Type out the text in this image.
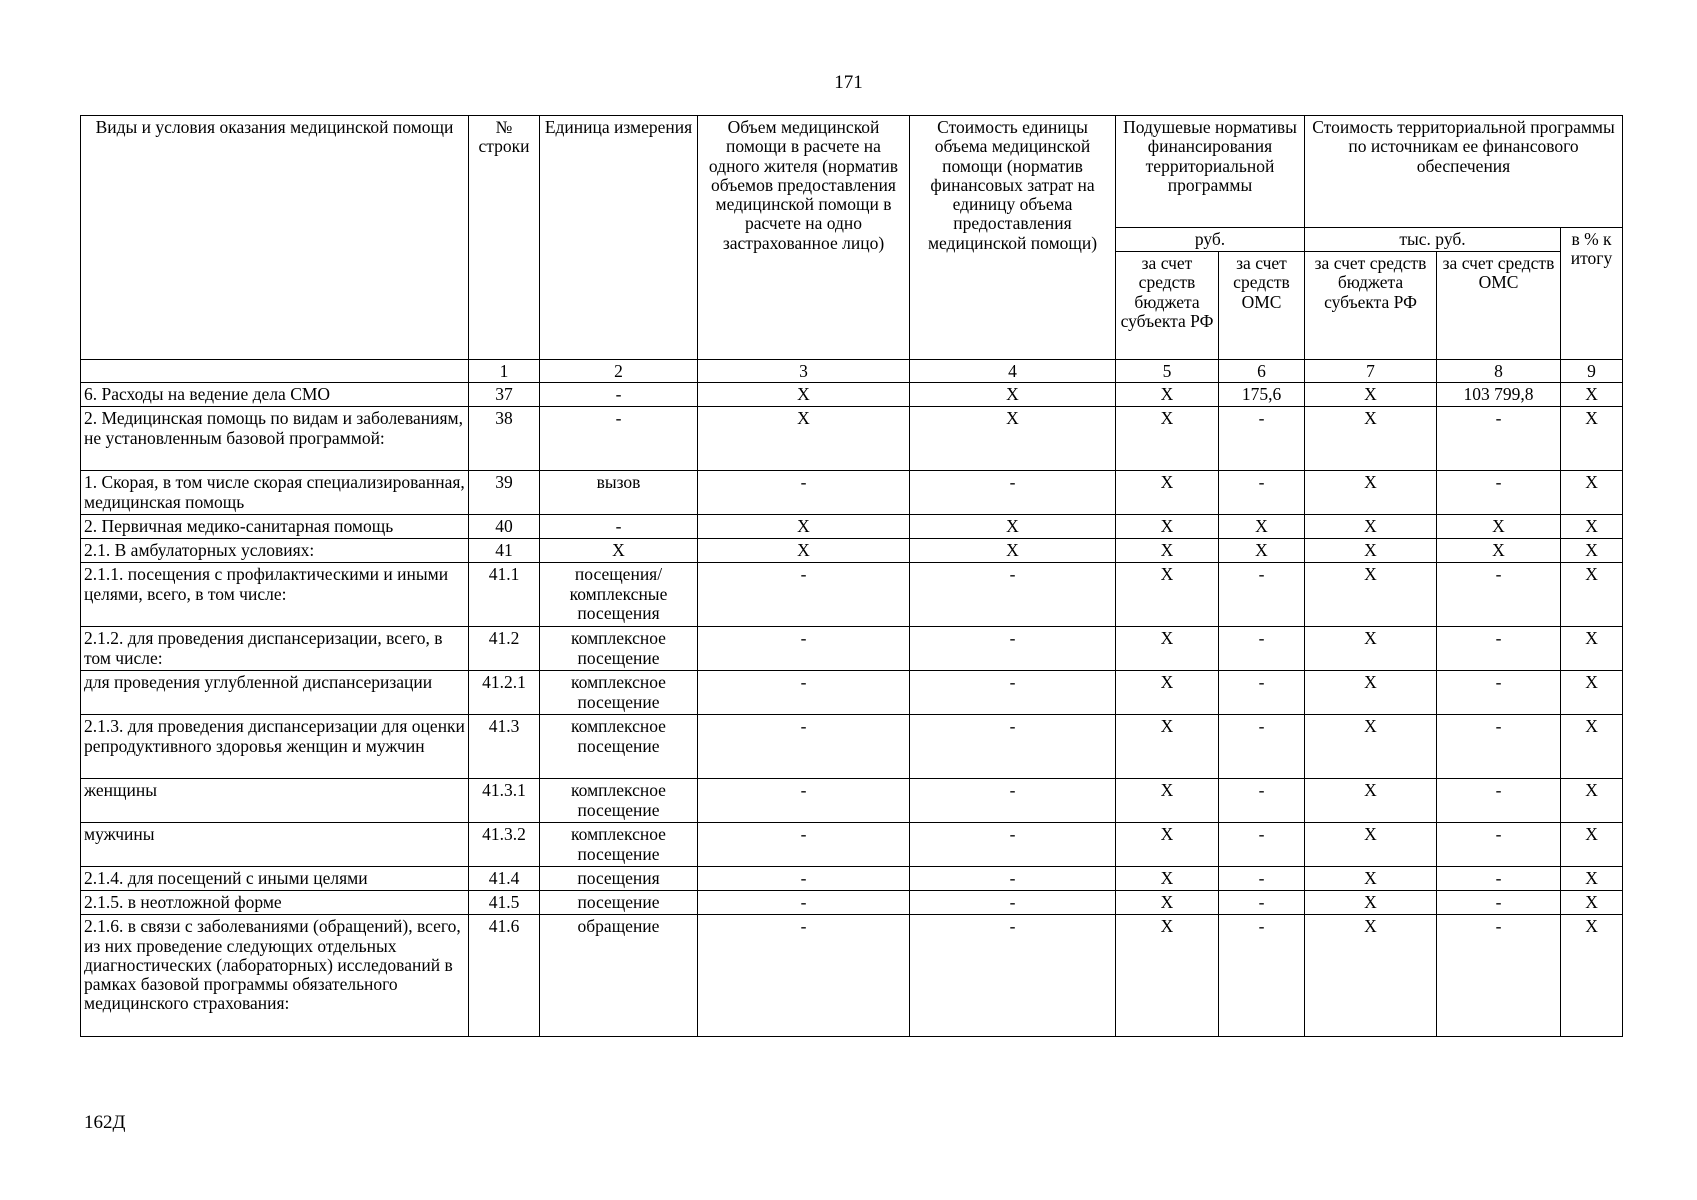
171
Виды и условия оказания медицинской помощи	№ строки	Единица измерения	Объем медицинской помощи в расчете на одного жителя (норматив объемов предоставления медицинской помощи в расчете на одно застрахованное лицо)	Стоимость единицы объема медицинской помощи (норматив финансовых затрат на единицу объема предоставления медицинской помощи)	Подушевые нормативы финансирования территориальной программы		Стоимость территориальной программы по источникам ее финансового обеспечения		
					руб.		тыс. руб.		в % к итогу
					за счет средств бюджета субъекта РФ	за счет средств ОМС	за счет средств бюджета субъекта РФ	за счет средств ОМС	
	1	2	3	4	5	6	7	8	9
6. Расходы на ведение дела СМО	37	-	X	X	X	175,6	X	103 799,8	X
2. Медицинская помощь по видам и заболеваниям, не установленным базовой программой:	38	-	X	X	X	-	X	-	X
1. Скорая, в том числе скорая специализированная, медицинская помощь	39	вызов	-	-	X	-	X	-	X
2. Первичная медико-санитарная помощь	40	-	X	X	X	X	X	X	X
2.1. В амбулаторных условиях:	41	X	X	X	X	X	X	X	X
2.1.1. посещения с профилактическими и иными целями, всего, в том числе:	41.1	посещения/ комплексные посещения	-	-	X	-	X	-	X
2.1.2. для проведения диспансеризации, всего, в том числе:	41.2	комплексное посещение	-	-	X	-	X	-	X
для проведения углубленной диспансеризации	41.2.1	комплексное посещение	-	-	X	-	X	-	X
2.1.3. для проведения диспансеризации для оценки репродуктивного здоровья женщин и мужчин	41.3	комплексное посещение	-	-	X	-	X	-	X
женщины	41.3.1	комплексное посещение	-	-	X	-	X	-	X
мужчины	41.3.2	комплексное посещение	-	-	X	-	X	-	X
2.1.4. для посещений с иными целями	41.4	посещения	-	-	X	-	X	-	X
2.1.5. в неотложной форме	41.5	посещение	-	-	X	-	X	-	X
2.1.6. в связи с заболеваниями (обращений), всего, из них проведение следующих отдельных диагностических (лабораторных) исследований в рамках базовой программы обязательного медицинского страхования:	41.6	обращение	-	-	X	-	X	-	X
162Д
